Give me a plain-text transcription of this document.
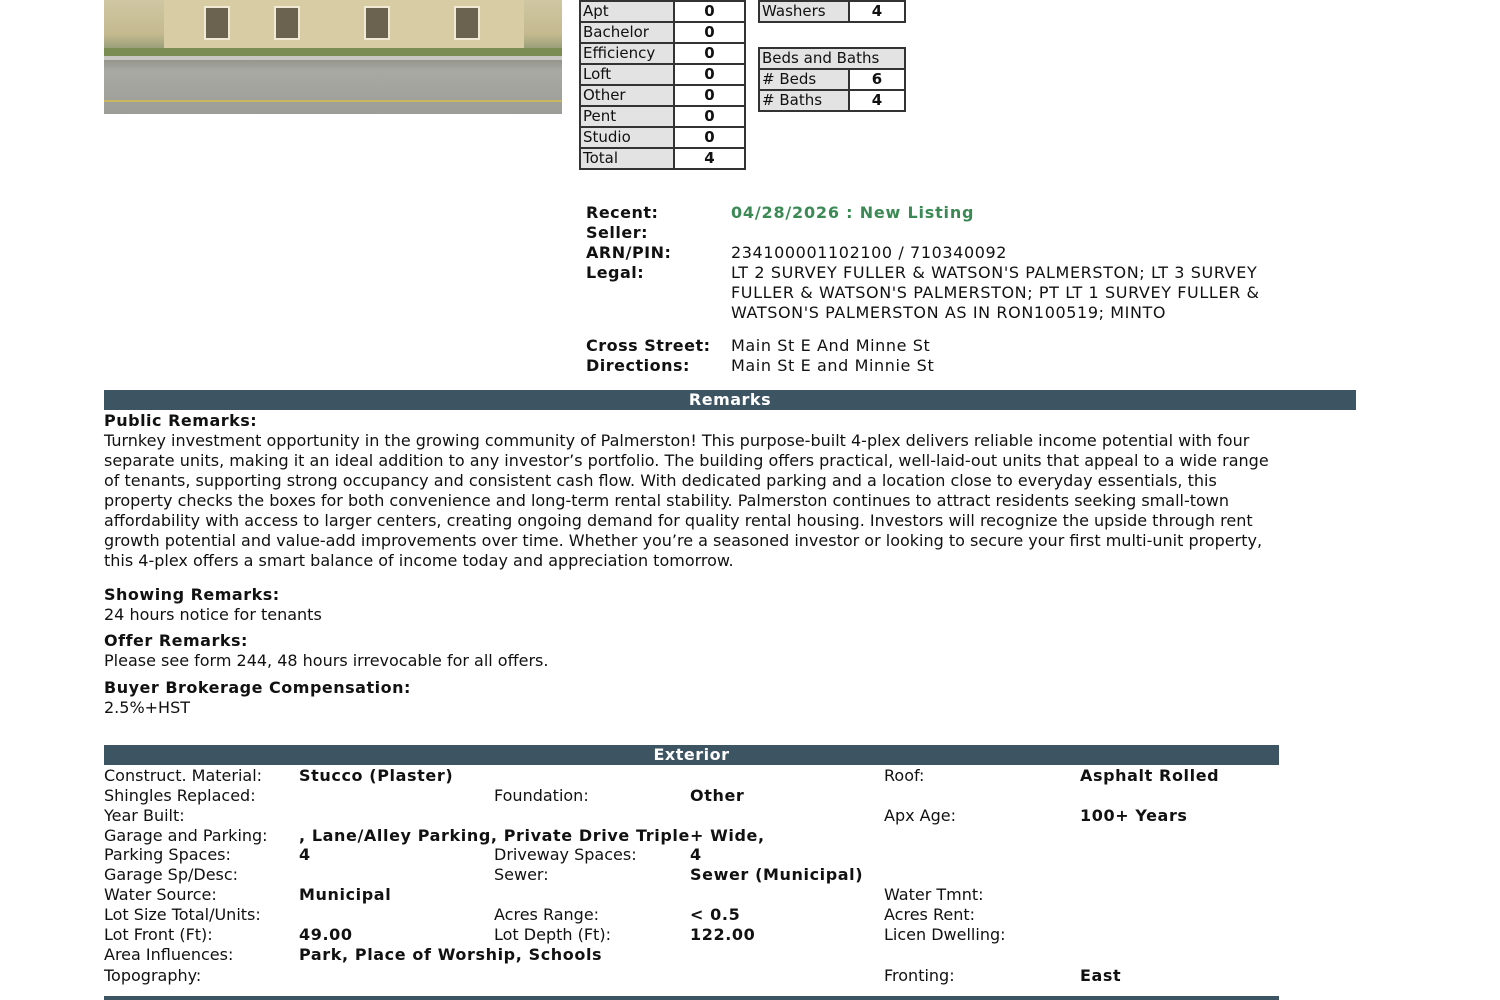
Apt	0
Bachelor	0
Efficiency	0
Loft	0
Other	0
Pent	0
Studio	0
Total	4
Washers	4
Beds and Baths	
# Beds	6
# Baths	4
Recent:	04/28/2026 : New Listing
Seller:
ARN/PIN:	234100001102100 / 710340092
Legal:	LT 2 SURVEY FULLER & WATSON'S PALMERSTON; LT 3 SURVEY
FULLER & WATSON'S PALMERSTON; PT LT 1 SURVEY FULLER &
WATSON'S PALMERSTON AS IN RON100519; MINTO
Cross Street: Main St E And Minne St
Directions:	Main St E and Minnie St
Remarks
Public Remarks:
Turnkey investment opportunity in the growing community of Palmerston! This purpose-built 4-plex delivers reliable income potential with four
separate units, making it an ideal addition to any investor’s portfolio. The building offers practical, well-laid-out units that appeal to a wide range
of tenants, supporting strong occupancy and consistent cash flow. With dedicated parking and a location close to everyday essentials, this
property checks the boxes for both convenience and long-term rental stability. Palmerston continues to attract residents seeking small-town
affordability with access to larger centers, creating ongoing demand for quality rental housing. Investors will recognize the upside through rent
growth potential and value-add improvements over time. Whether you’re a seasoned investor or looking to secure your first multi-unit property,
this 4-plex offers a smart balance of income today and appreciation tomorrow.
Showing Remarks:
24 hours notice for tenants
Offer Remarks:
Please see form 244, 48 hours irrevocable for all offers.
Buyer Brokerage Compensation:
2.5%+HST
Exterior
Construct. Material: Stucco (Plaster)	Roof:	Asphalt Rolled
Shingles Replaced:	Foundation:	Other
Year Built:	Apx Age:	100+ Years
Garage and Parking: , Lane/Alley Parking, Private Drive Triple+ Wide,
Parking Spaces:	4	Driveway Spaces:	4
Garage Sp/Desc:	Sewer:	Sewer (Municipal)
Water Source:	Municipal	Water Tmnt:
Lot Size Total/Units:	Acres Range:	< 0.5	Acres Rent:
Lot Front (Ft):	49.00	Lot Depth (Ft):	122.00	Licen Dwelling:
Area Influences:	Park, Place of Worship, Schools
Topography:	Fronting:	East
